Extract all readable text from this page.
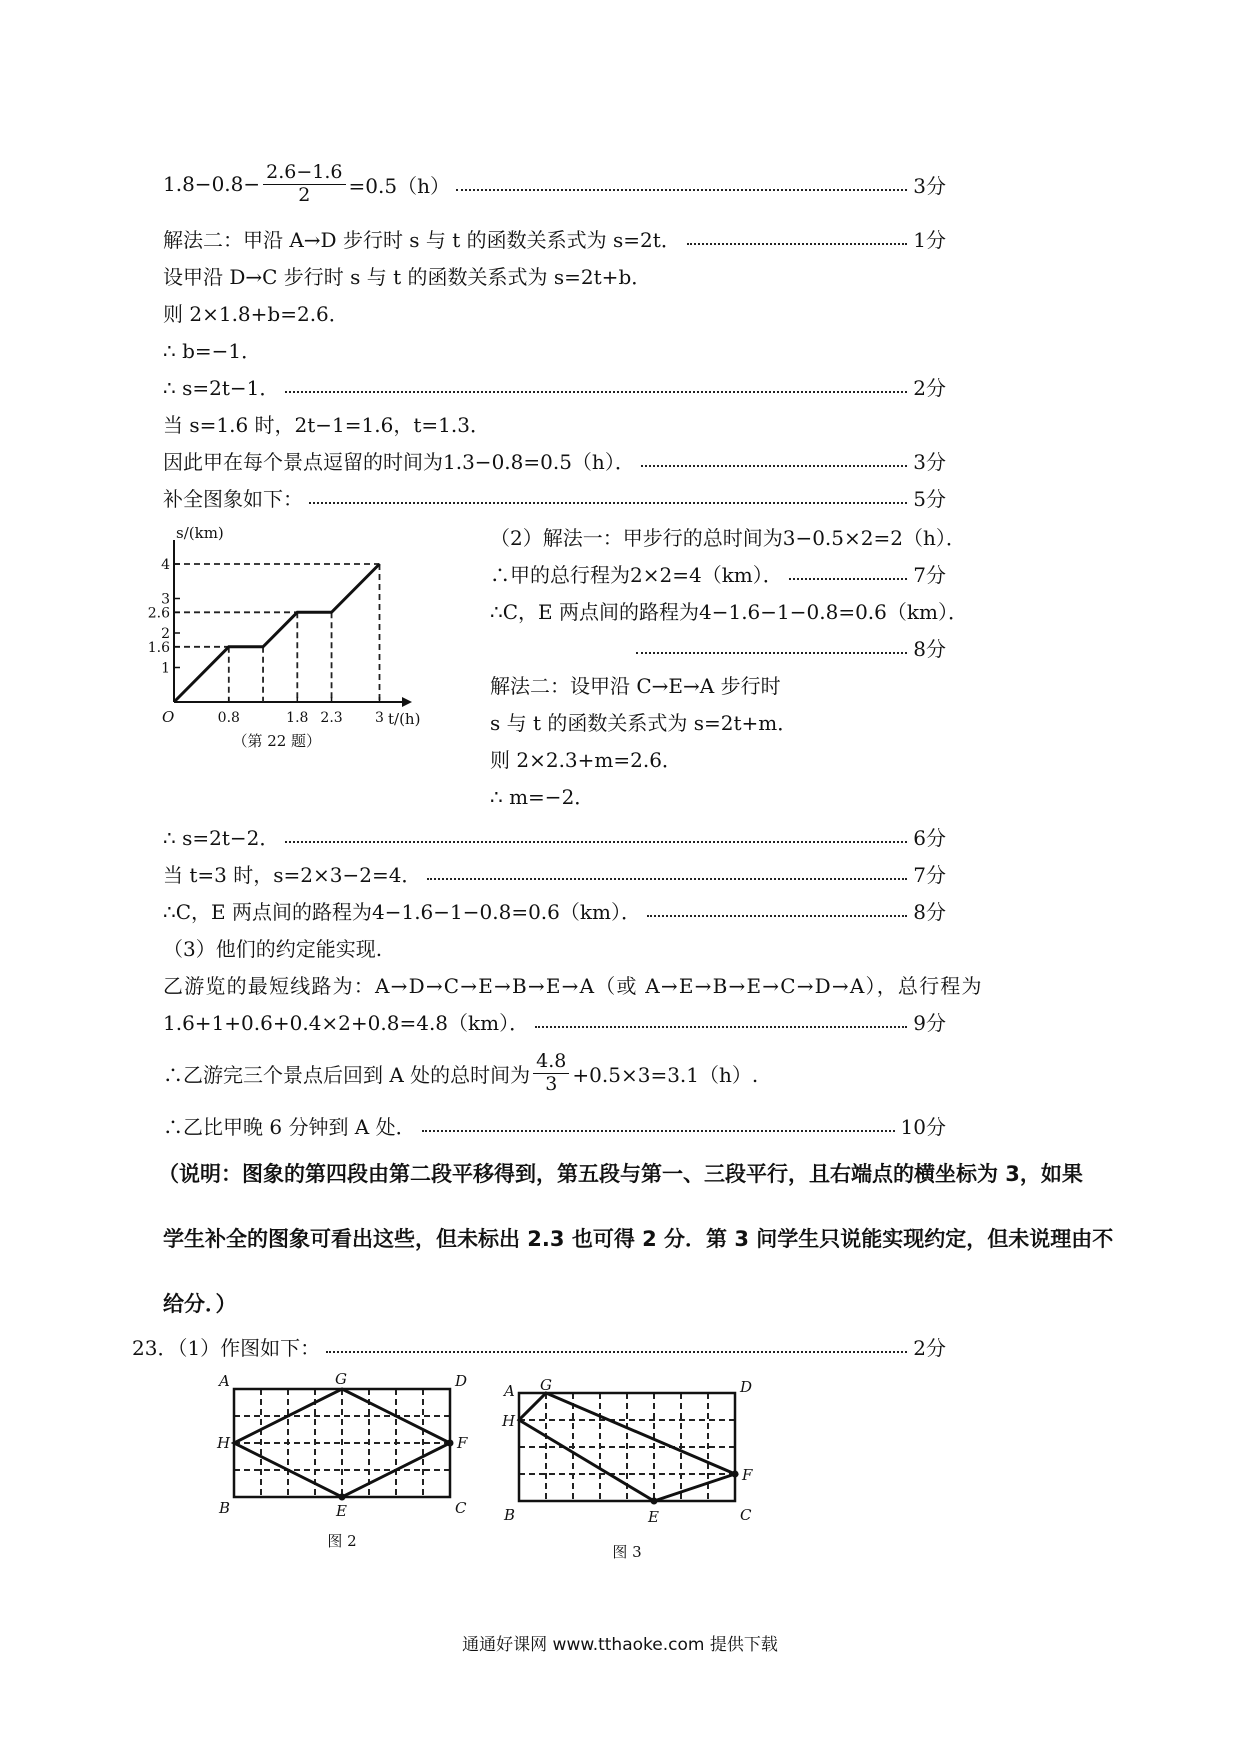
$1.8-0.8- \frac{2.6-1.6}{2} =0.5(h)$	3分
解法二：甲沿 A→D 步行时 s 与 t 的函数关系式为 s=2t．	1分
设甲沿 D→C 步行时 s 与 t 的函数关系式为 s=2t+b．
则 2×1.8+b=2.6．
∴ b=−1．
∴ s=2t−1．	2分
当 s=1.6 时，2t−1=1.6，t=1.3．
因此甲在每个景点逗留的时间为1.3−0.8=0.5（h）．	3分
补全图象如下：	5分
（2）解法一：甲步行的总时间为3−0.5×2=2（h）．
∴甲的总行程为2×2=4（km）．	7分
∴C，E 两点间的路程为4−1.6−1−0.8=0.6（km）．
8分
解法二：设甲沿 C→E→A 步行时
s 与 t 的函数关系式为 s=2t+m．
则 2×2.3+m=2.6．
∴ m=−2．
1
1.6
2
2.6
3
4
0.8	1.8 2.3 3
O
s/(km)
t/(h)
（第 22 题）
∴ s=2t−2．	6分
当 t=3 时，s=2×3−2=4．	7分
∴C，E 两点间的路程为4−1.6−1−0.8=0.6（km）．	8分
（3）他们的约定能实现.
乙游览的最短线路为：A→D→C→E→B→E→A（或 A→E→B→E→C→D→A），总行程为
1.6+1+0.6+0.4×2+0.8=4.8（km）．	9分
∴乙游完三个景点后回到 A 处的总时间为 $\frac{4.8}{3} +0.5\times 3=3.1(h)$.
∴乙比甲晚 6 分钟到 A 处．	10分
（说明：图象的第四段由第二段平移得到，第五段与第一、三段平行，且右端点的横坐标为 3，如果
学生补全的图象可看出这些，但未标出 2.3 也可得 2 分．第 3 问学生只说能实现约定，但未说理由不
给分．）
23．（1）作图如下：	2分
A	G	D
H	F
B	E	C
图 2
A G	D
H
F
B	E	C
图 3
通通好课网 www.tthaoke.com 提供下载
